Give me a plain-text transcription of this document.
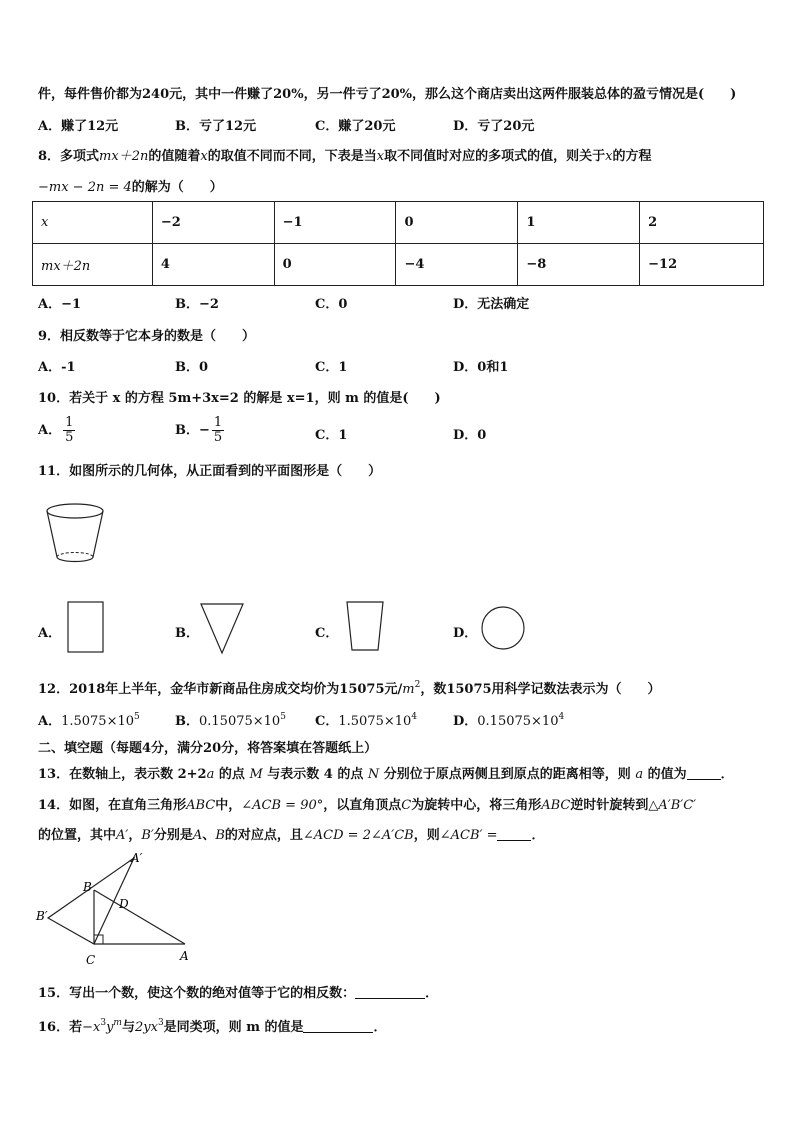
件，每件售价都为240元，其中一件赚了20%，另一件亏了20%，那么这个商店卖出这两件服装总体的盈亏情况是(　　)
A．赚了12元	B．亏了12元	C．赚了20元	D．亏了20元
8．多项式mx＋2n的值随着x的取值不同而不同，下表是当x取不同值时对应的多项式的值，则关于x的方程
−mx − 2n = 4的解为（　　）
x	−2	−1	0	1	2
mx＋2n	4	0	−4	−8	−12
A．−1	B．−2	C．0	D．无法确定
9．相反数等于它本身的数是（　　）
A．-1	B．0	C．1	D．0和1
10．若关于 x 的方程 5m+3x=2 的解是 x=1，则 m 的值是(　　)
A． $\frac{1}{5}$	B．− $\frac{1}{5}$	C．1	D．0
11．如图所示的几何体，从正面看到的平面图形是（　　）
A．	B．	C．	D．
12．2018年上半年，金华市新商品住房成交均价为15075元$/m^2$，数15075用科学记数法表示为（　　）
A．$1.5075\times 10^5$	B．$0.15075\times 10^5$ C．$1.5075\times 10^4$	D．$0.15075\times 10^4$
二、填空题（每题4分，满分20分，将答案填在答题纸上）
13．在数轴上，表示数 2+2a 的点 M 与表示数 4 的点 N 分别位于原点两侧且到原点的距离相等，则 a 的值为	．
14．如图，在直角三角形ABC中，∠ACB = 90°，以直角顶点C为旋转中心，将三角形ABC逆时针旋转到△A′B′C′
的位置，其中A′，B′分别是A、B的对应点，且∠ACD = 2∠A′CB，则∠ACB′ =	．
A′
B
B′
D
C	A
15．写出一个数，使这个数的绝对值等于它的相反数：	．
16．若$-x^3y^m$与$2yx^3$是同类项，则 m 的值是	．
